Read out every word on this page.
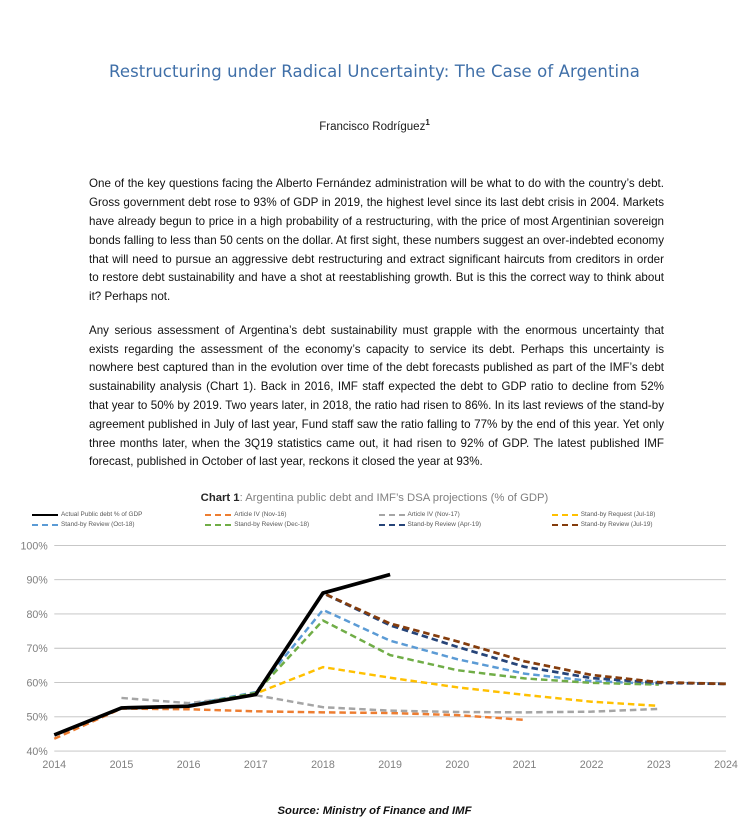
Restructuring under Radical Uncertainty: The Case of Argentina
Francisco Rodríguez$^1$

One of the key questions facing the Alberto Fernández administration will be what to do with the country’s debt. Gross government debt rose to 93% of GDP in 2019, the highest level since its last debt crisis in 2004. Markets have already begun to price in a high probability of a restructuring, with the price of most Argentinian sovereign bonds falling to less than 50 cents on the dollar. At first sight, these numbers suggest an over-indebted economy that will need to pursue an aggressive debt restructuring and extract significant haircuts from creditors in order to restore debt sustainability and have a shot at reestablishing growth. But is this the correct way to think about it? Perhaps not.

Any serious assessment of Argentina’s debt sustainability must grapple with the enormous uncertainty that exists regarding the assessment of the economy’s capacity to service its debt. Perhaps this uncertainty is nowhere best captured than in the evolution over time of the debt forecasts published as part of the IMF’s debt sustainability analysis (Chart 1). Back in 2016, IMF staff expected the debt to GDP ratio to decline from 52% that year to 50% by 2019. Two years later, in 2018, the ratio had risen to 86%. In its last reviews of the stand-by agreement published in July of last year, Fund staff saw the ratio falling to 77% by the end of this year. Yet only three months later, when the 3Q19 statistics came out, it had risen to 92% of GDP. The latest published IMF forecast, published in October of last year, reckons it closed the year at 93%.

Chart 1: Argentina public debt and IMF’s DSA projections (% of GDP)
Actual Public debt % of GDP	Article IV (Nov-16)	Article IV (Nov-17)	Stand-by Request (Jul-18)
Stand-by Review (Oct-18)	Stand-by Review (Dec-18)	Stand-by Review (Apr-19)	Stand-by Review (Jul-19)
40%
50%
60%
70%
80%
90%
100%
2014	2015	2016	2017	2018	2019	2020	2021	2022	2023	2024
Source: Ministry of Finance and IMF
